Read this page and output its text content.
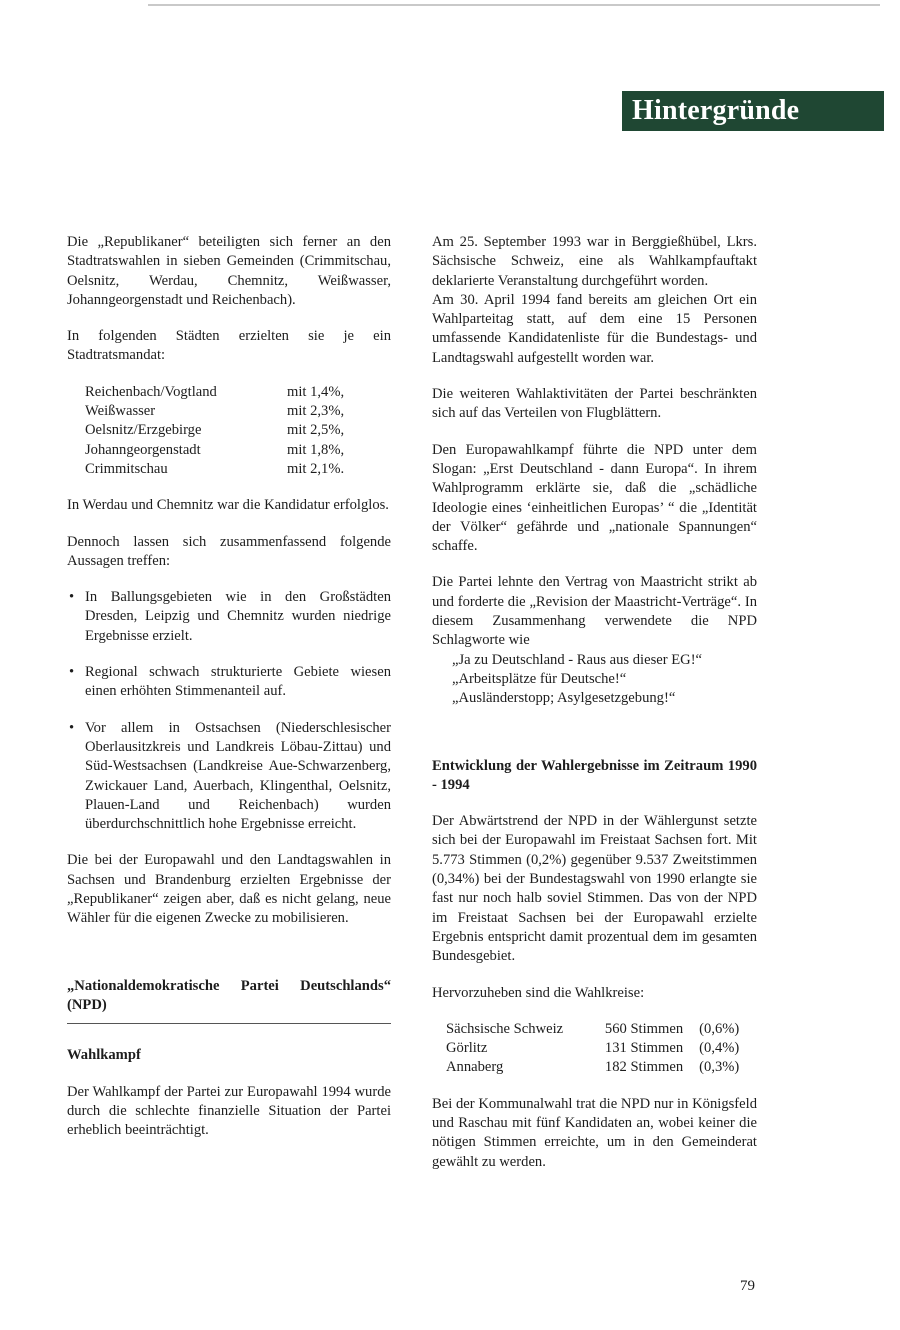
Hintergründe

Die „Republikaner“ beteiligten sich ferner an den Stadtratswahlen in sieben Gemeinden (Crimmitschau, Oelsnitz, Werdau, Chemnitz, Weißwasser, Johanngeorgenstadt und Reichenbach).

In folgenden Städten erzielten sie je ein Stadtratsmandat:

Reichenbach/Vogtland	mit 1,4%,
Weißwasser	mit 2,3%,
Oelsnitz/Erzgebirge	mit 2,5%,
Johanngeorgenstadt	mit 1,8%,
Crimmitschau	mit 2,1%.

In Werdau und Chemnitz war die Kandidatur erfolglos.

Dennoch lassen sich zusammenfassend folgende Aussagen treffen:

• In Ballungsgebieten wie in den Großstädten Dresden, Leipzig und Chemnitz wurden niedrige Ergebnisse erzielt.
• Regional schwach strukturierte Gebiete wiesen einen erhöhten Stimmenanteil auf.
• Vor allem in Ostsachsen (Niederschlesischer Oberlausitzkreis und Landkreis Löbau-Zittau) und Süd-Westsachsen (Landkreise Aue-Schwarzenberg, Zwickauer Land, Auerbach, Klingenthal, Oelsnitz, Plauen-Land und Reichenbach) wurden überdurchschnittlich hohe Ergebnisse erreicht.

Die bei der Europawahl und den Landtagswahlen in Sachsen und Brandenburg erzielten Ergebnisse der „Republikaner“ zeigen aber, daß es nicht gelang, neue Wähler für die eigenen Zwecke zu mobilisieren.

„Nationaldemokratische Partei Deutschlands“ (NPD)

Wahlkampf

Der Wahlkampf der Partei zur Europawahl 1994 wurde durch die schlechte finanzielle Situation der Partei erheblich beeinträchtigt.

Am 25. September 1993 war in Berggießhübel, Lkrs. Sächsische Schweiz, eine als Wahlkampfauftakt deklarierte Veranstaltung durchgeführt worden.

Am 30. April 1994 fand bereits am gleichen Ort ein Wahlparteitag statt, auf dem eine 15 Personen umfassende Kandidatenliste für die Bundestags- und Landtagswahl aufgestellt worden war.

Die weiteren Wahlaktivitäten der Partei beschränkten sich auf das Verteilen von Flugblättern.

Den Europawahlkampf führte die NPD unter dem Slogan: „Erst Deutschland - dann Europa“. In ihrem Wahlprogramm erklärte sie, daß die „schädliche Ideologie eines ‘einheitlichen Europas’ “ die „Identität der Völker“ gefährde und „nationale Spannungen“ schaffe.

Die Partei lehnte den Vertrag von Maastricht strikt ab und forderte die „Revision der Maastricht-Verträge“. In diesem Zusammenhang verwendete die NPD Schlagworte wie

„Ja zu Deutschland - Raus aus dieser EG!“
„Arbeitsplätze für Deutsche!“
„Ausländerstopp; Asylgesetzgebung!“

Entwicklung der Wahlergebnisse im Zeitraum 1990 - 1994

Der Abwärtstrend der NPD in der Wählergunst setzte sich bei der Europawahl im Freistaat Sachsen fort. Mit 5.773 Stimmen (0,2%) gegenüber 9.537 Zweitstimmen (0,34%) bei der Bundestagswahl von 1990 erlangte sie fast nur noch halb soviel Stimmen. Das von der NPD im Freistaat Sachsen bei der Europawahl erzielte Ergebnis entspricht damit prozentual dem im gesamten Bundesgebiet.

Hervorzuheben sind die Wahlkreise:

Sächsische Schweiz	560 Stimmen	(0,6%)
Görlitz	131 Stimmen	(0,4%)
Annaberg	182 Stimmen	(0,3%)

Bei der Kommunalwahl trat die NPD nur in Königsfeld und Raschau mit fünf Kandidaten an, wobei keiner die nötigen Stimmen erreichte, um in den Gemeinderat gewählt zu werden.

79
